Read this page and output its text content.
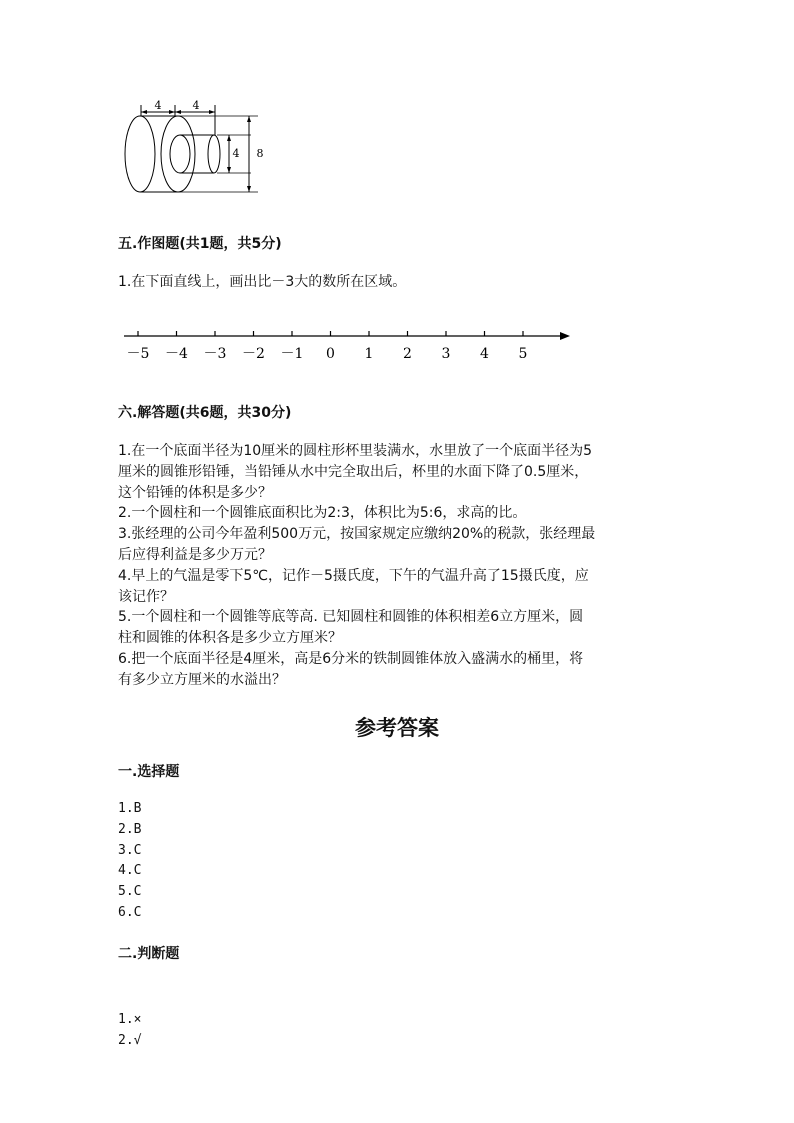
4	4
4 8
五.作图题(共1题，共5分)
1.在下面直线上，画出比－3大的数所在区域。
－5 －4 －3 －2 －1 0 1 2 3 4 5
六.解答题(共6题，共30分)
1.在一个底面半径为10厘米的圆柱形杯里装满水，水里放了一个底面半径为5
厘米的圆锥形铅锤，当铅锤从水中完全取出后，杯里的水面下降了0.5厘米，
这个铅锤的体积是多少？
2.一个圆柱和一个圆锥底面积比为2:3，体积比为5:6，求高的比。
3.张经理的公司今年盈利500万元，按国家规定应缴纳20%的税款，张经理最
后应得利益是多少万元？
4.早上的气温是零下5℃，记作－5摄氏度，下午的气温升高了15摄氏度，应
该记作？
5.一个圆柱和一个圆锥等底等高. 已知圆柱和圆锥的体积相差6立方厘米，圆
柱和圆锥的体积各是多少立方厘米？
6.把一个底面半径是4厘米，高是6分米的铁制圆锥体放入盛满水的桶里，将
有多少立方厘米的水溢出？
参考答案
一.选择题
1.B
2.B
3.C
4.C
5.C
6.C
二.判断题
1.×
2.√
